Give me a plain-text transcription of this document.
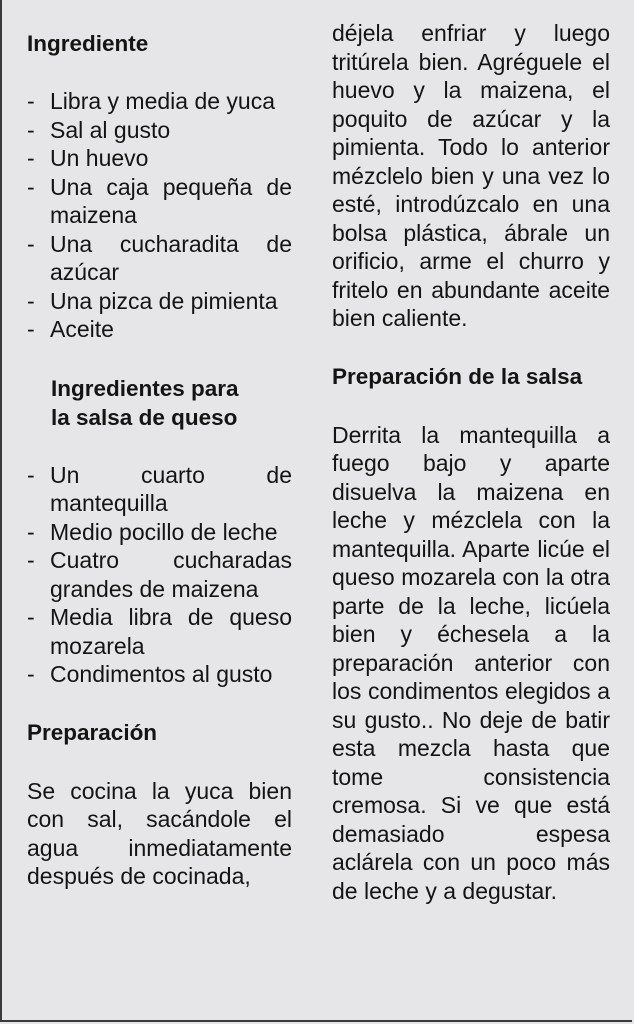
Ingrediente
- Libra y media de yuca
- Sal al gusto
- Un huevo
- Una caja pequeña de maizena
- Una cucharadita de azúcar
- Una pizca de pimienta
- Aceite
Ingredientes para
la salsa de queso
- Un cuarto de mantequilla
- Medio pocillo de leche
- Cuatro cucharadas grandes de maizena
- Media libra de queso mozarela
- Condimentos al gusto
Preparación

Se cocina la yuca bien con sal, sacándole el agua inmediatamente después de cocinada,

déjela enfriar y luego tritúrela bien. Agréguele el huevo y la maizena, el poquito de azúcar y la pimienta. Todo lo anterior mézclelo bien y una vez lo esté, introdúzcalo en una bolsa plástica, ábrale un orificio, arme el churro y fritelo en abundante aceite bien caliente.

Preparación de la salsa

Derrita la mantequilla a fuego bajo y aparte disuelva la maizena en leche y mézclela con la mantequilla. Aparte licúe el queso mozarela con la otra parte de la leche, licúela bien y échesela a la preparación anterior con los condimentos elegidos a su gusto.. No deje de batir esta mezcla hasta que tome consistencia cremosa. Si ve que está demasiado espesa aclárela con un poco más de leche y a degustar.
